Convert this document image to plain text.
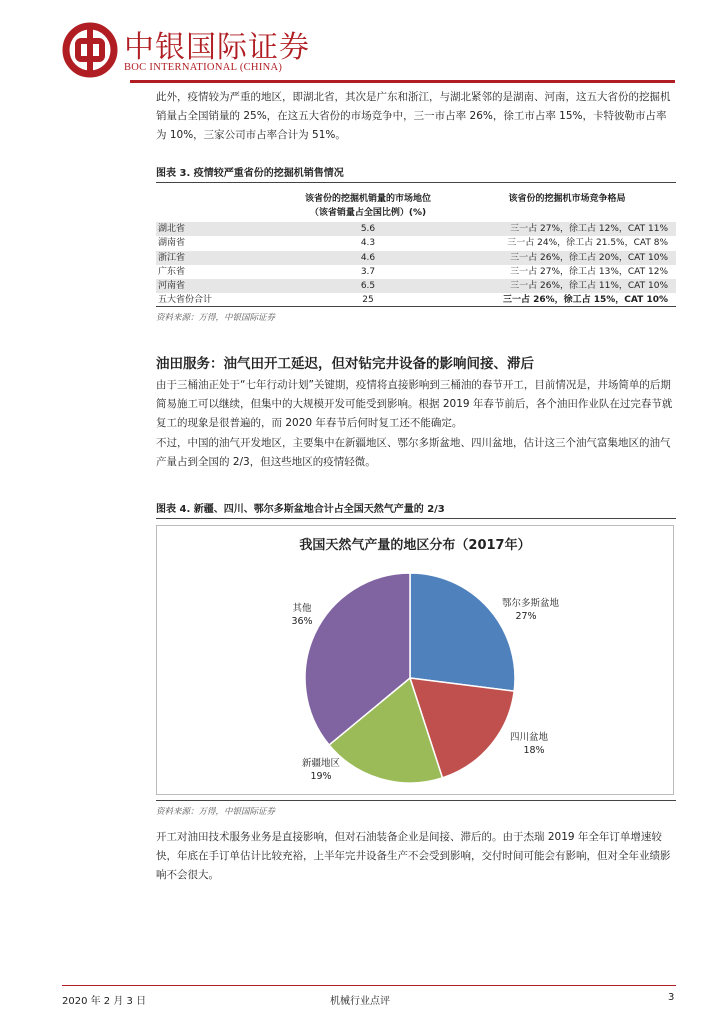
中银国际证券
BOC INTERNATIONAL (CHINA)

此外，疫情较为严重的地区，即湖北省，其次是广东和浙江，与湖北紧邻的是湖南、河南，这五大省份的挖掘机销量占全国销量的 25%，在这五大省份的市场竞争中，三一市占率 26%，徐工市占率 15%，卡特彼勒市占率为 10%，三家公司市占率合计为 51%。

图表 3. 疫情较严重省份的挖掘机销售情况

	该省份的挖掘机销量的市场地位
（该省销量占全国比例）(%)	该省份的挖掘机市场竞争格局
湖北省	5.6	三一占 27%，徐工占 12%，CAT 11%
湖南省	4.3	三一占 24%，徐工占 21.5%，CAT 8%
浙江省	4.6	三一占 26%，徐工占 20%，CAT 10%
广东省	3.7	三一占 27%，徐工占 13%，CAT 12%
河南省	6.5	三一占 26%，徐工占 11%，CAT 10%
五大省份合计	25	三一占 26%，徐工占 15%，CAT 10%
资料来源：万得，中银国际证券
油田服务：油气田开工延迟，但对钻完井设备的影响间接、滞后

由于三桶油正处于“七年行动计划”关键期，疫情将直接影响到三桶油的春节开工，目前情况是，井场简单的后期简易施工可以继续，但集中的大规模开发可能受到影响。根据 2019 年春节前后，各个油田作业队在过完春节就复工的现象是很普遍的，而 2020 年春节后何时复工还不能确定。

不过，中国的油气开发地区，主要集中在新疆地区、鄂尔多斯盆地、四川盆地，估计这三个油气富集地区的油气产量占到全国的 2/3，但这些地区的疫情轻微。

图表 4. 新疆、四川、鄂尔多斯盆地合计占全国天然气产量的 2/3
我国天然气产量的地区分布（2017年）
鄂尔多斯盆地
27%
四川盆地
18%
新疆地区
19%
其他
36%
资料来源：万得，中银国际证券

开工对油田技术服务业务是直接影响，但对石油装备企业是间接、滞后的。由于杰瑞 2019 年全年订单增速较快，年底在手订单估计比较充裕，上半年完井设备生产不会受到影响，交付时间可能会有影响，但对全年业绩影响不会很大。

2020 年 2 月 3 日	机械行业点评	3
